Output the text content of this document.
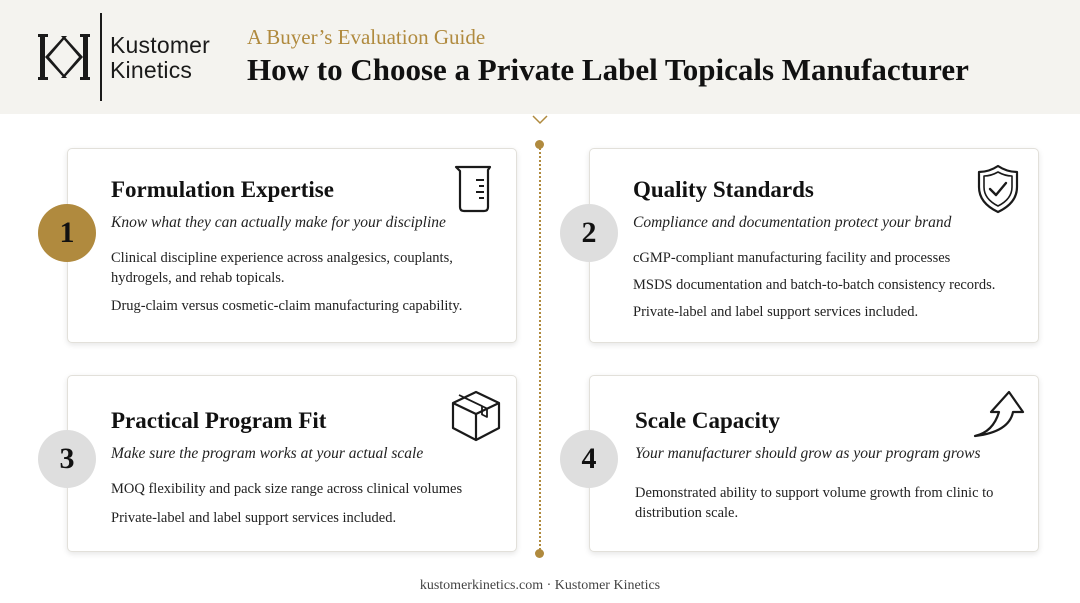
Kustomer
Kinetics
A Buyer’s Evaluation Guide
How to Choose a Private Label Topicals Manufacturer
Formulation Expertise
Know what they can actually make for your discipline

Clinical discipline experience across analgesics, couplants, hydrogels, and rehab topicals.

Drug-claim versus cosmetic-claim manufacturing capability.

1
Quality Standards
Compliance and documentation protect your brand

cGMP-compliant manufacturing facility and processes

MSDS documentation and batch-to-batch consistency records.

Private-label and label support services included.

2
Practical Program Fit
Make sure the program works at your actual scale

MOQ flexibility and pack size range across clinical volumes

Private-label and label support services included.

3
Scale Capacity
Your manufacturer should grow as your program grows

Demonstrated ability to support volume growth from clinic to distribution scale.

4
kustomerkinetics.com · Kustomer Kinetics
